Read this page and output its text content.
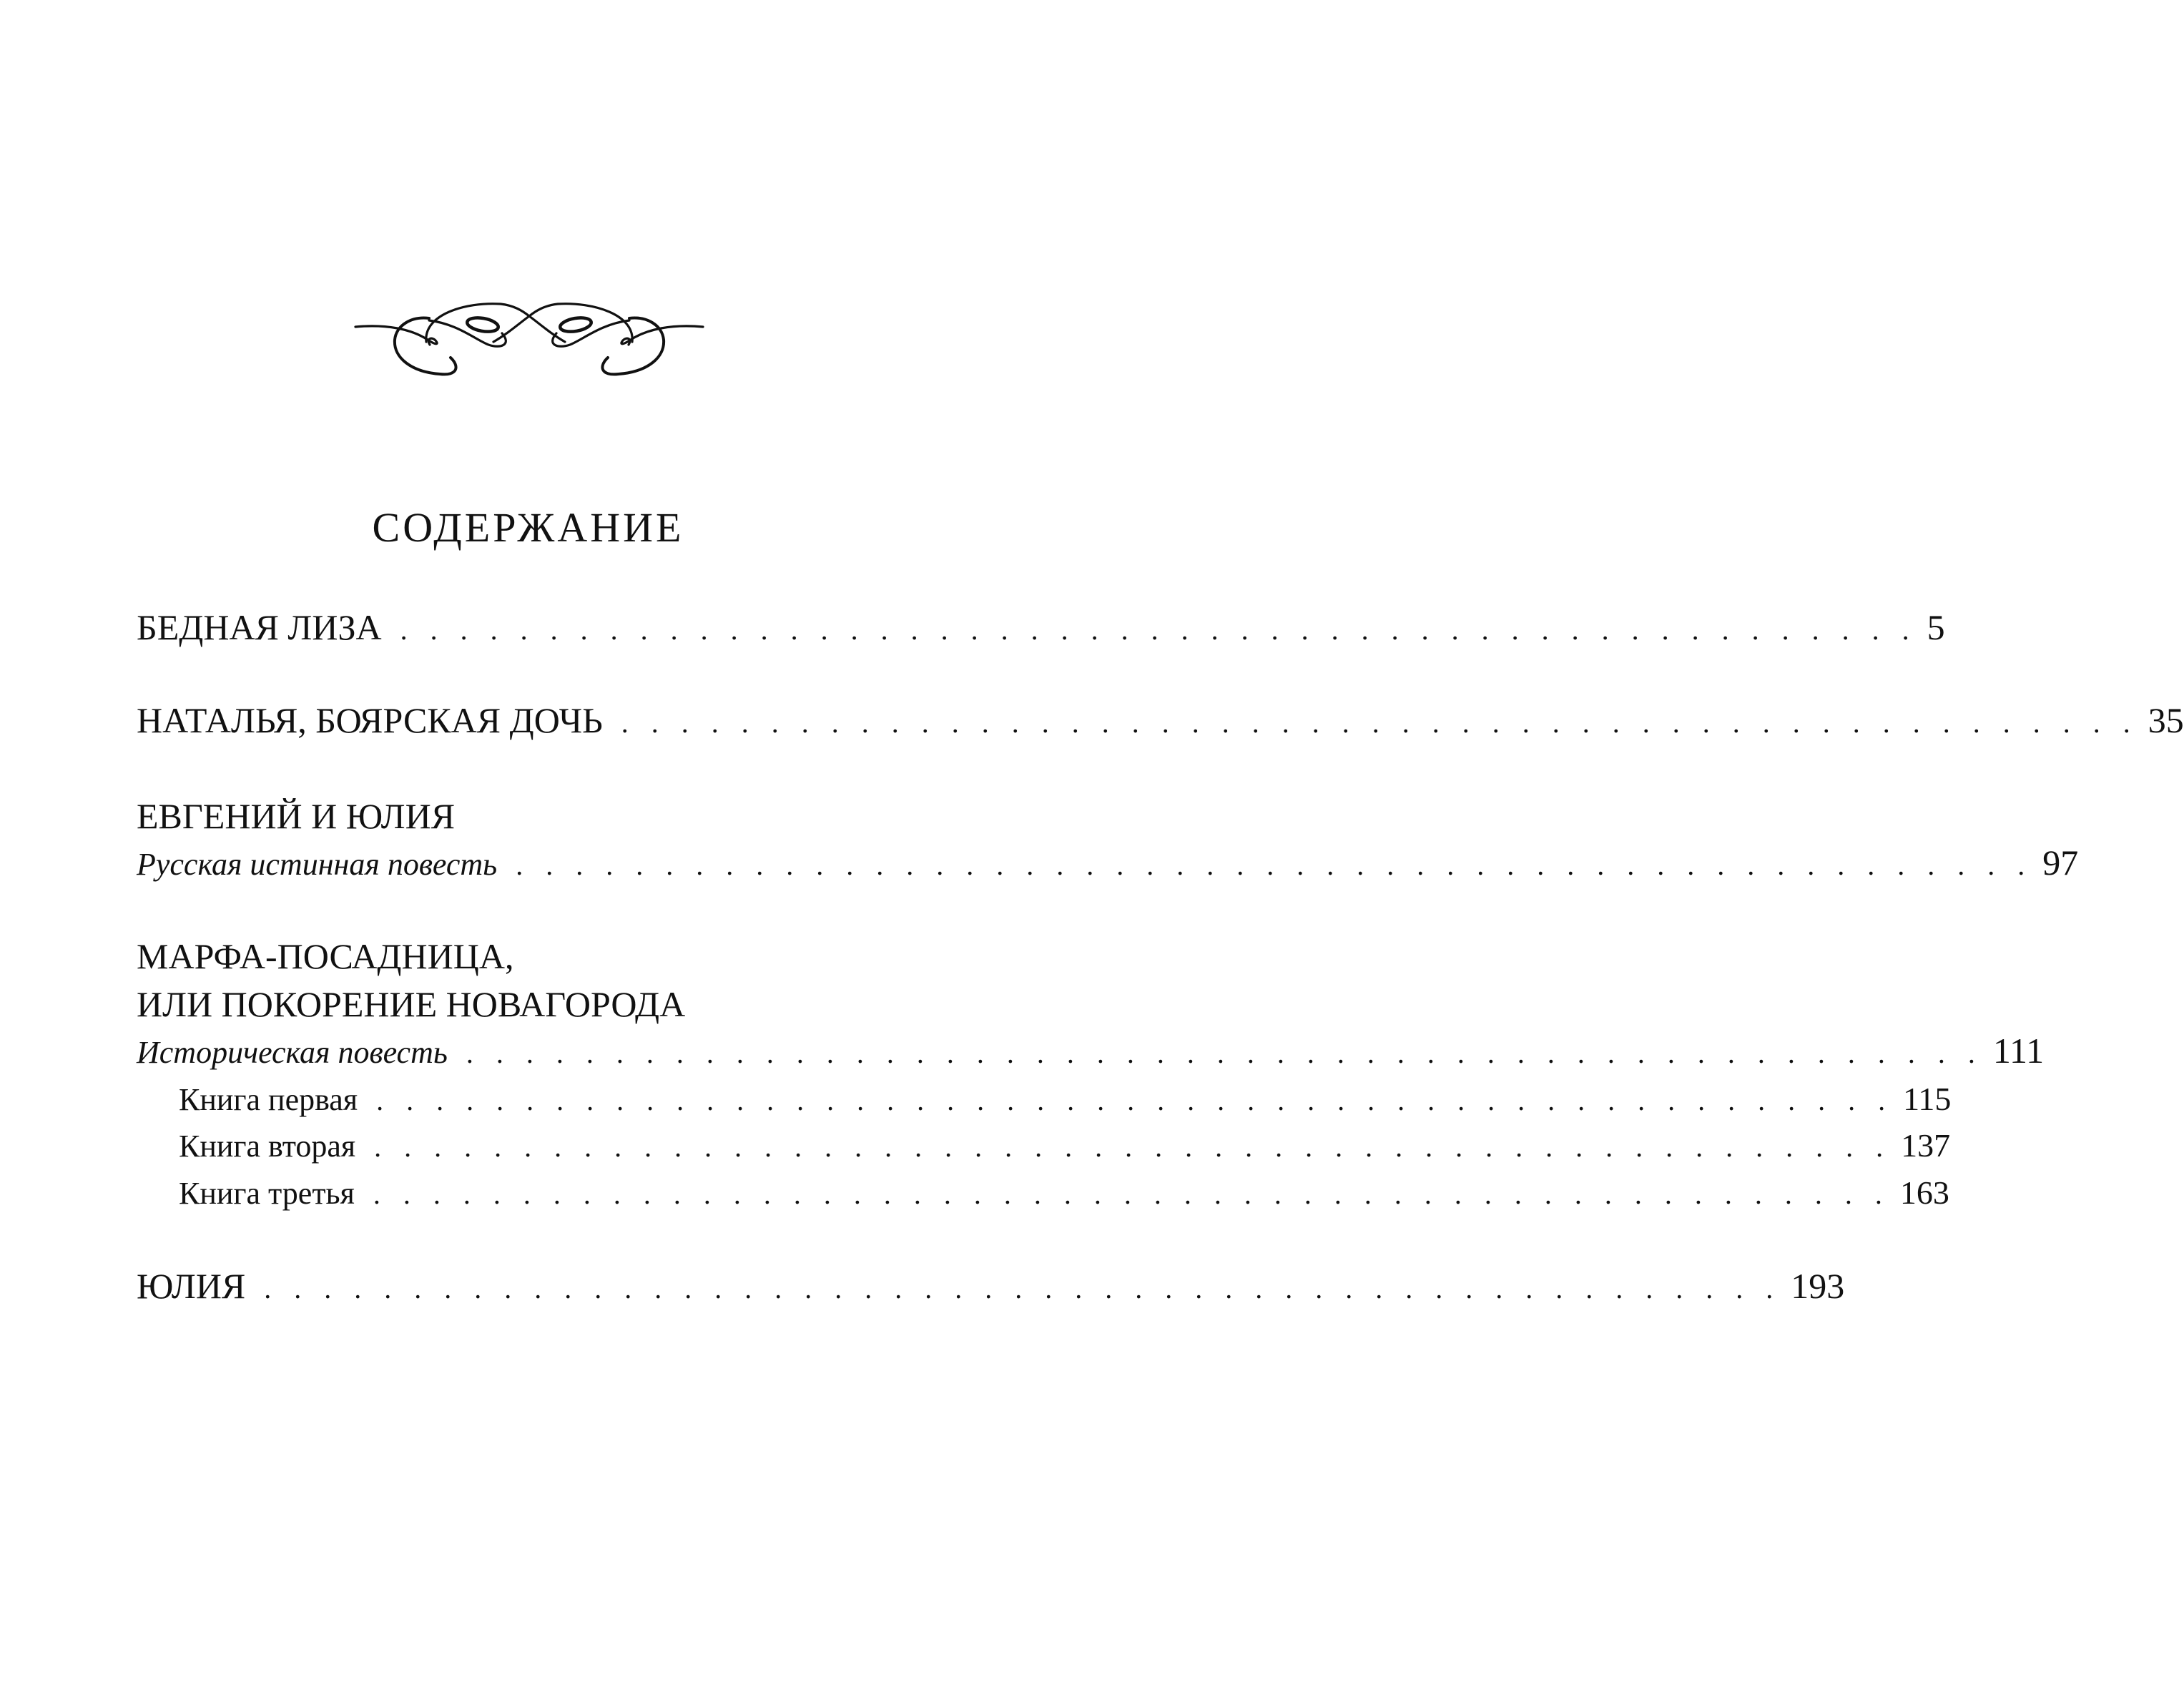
СОДЕРЖАНИЕ
БЕДНАЯ ЛИЗА . . . . . . . . . . . . . . . . . . . . . . . . . . . . . . . . . . . . . . . . . . . . . . . . . . . 5
НАТАЛЬЯ, БОЯРСКАЯ ДОЧЬ . . . . . . . . . . . . . . . . . . . . . . . . . . . . . . . . . . . . . . . . . . . . . . . . . . . 35
ЕВГЕНИЙ И ЮЛИЯ
Русская истинная повесть . . . . . . . . . . . . . . . . . . . . . . . . . . . . . . . . . . . . . . . . . . . . . . . . . . . 97
МАРФА-ПОСАДНИЦА,
ИЛИ ПОКОРЕНИЕ НОВАГОРОДА
Историческая повесть . . . . . . . . . . . . . . . . . . . . . . . . . . . . . . . . . . . . . . . . . . . . . . . . . . . 111
Книга первая . . . . . . . . . . . . . . . . . . . . . . . . . . . . . . . . . . . . . . . . . . . . . . . . . . . 115
Книга вторая . . . . . . . . . . . . . . . . . . . . . . . . . . . . . . . . . . . . . . . . . . . . . . . . . . . 137
Книга третья . . . . . . . . . . . . . . . . . . . . . . . . . . . . . . . . . . . . . . . . . . . . . . . . . . . 163
ЮЛИЯ . . . . . . . . . . . . . . . . . . . . . . . . . . . . . . . . . . . . . . . . . . . . . . . . . . . 193
